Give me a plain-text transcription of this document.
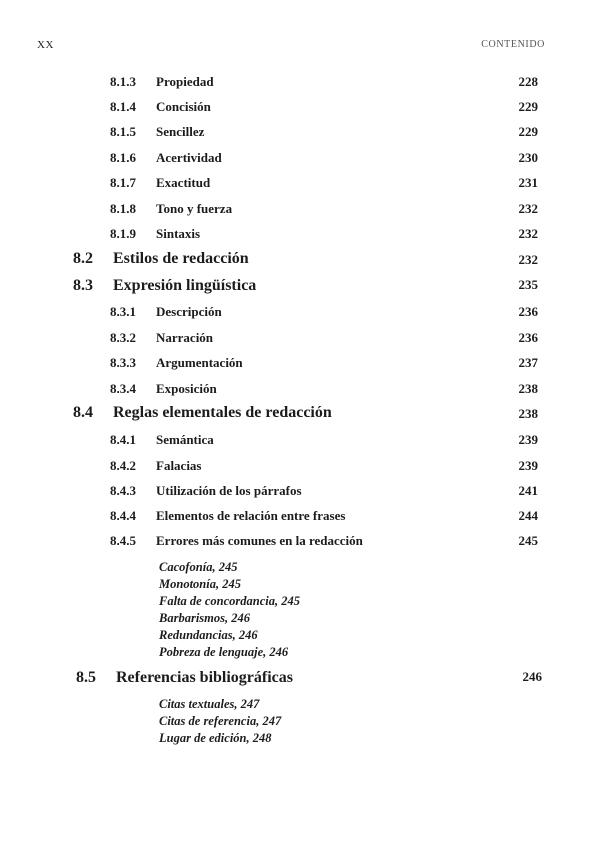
XX	CONTENIDO
8.1.3 Propiedad	228
8.1.4 Concisión	229
8.1.5 Sencillez	229
8.1.6 Acertividad	230
8.1.7 Exactitud	231
8.1.8 Tono y fuerza	232
8.1.9 Sintaxis	232
8.2 Estilos de redacción	232
8.3 Expresión lingüística	235
8.3.1 Descripción	236
8.3.2 Narración	236
8.3.3 Argumentación	237
8.3.4 Exposición	238
8.4 Reglas elementales de redacción	238
8.4.1 Semántica	239
8.4.2 Falacias	239
8.4.3 Utilización de los párrafos	241
8.4.4 Elementos de relación entre frases	244
8.4.5 Errores más comunes en la redacción	245
Cacofonía, 245
Monotonía, 245
Falta de concordancia, 245
Barbarismos, 246
Redundancias, 246
Pobreza de lenguaje, 246
8.5 Referencias bibliográficas	246
Citas textuales, 247
Citas de referencia, 247
Lugar de edición, 248
